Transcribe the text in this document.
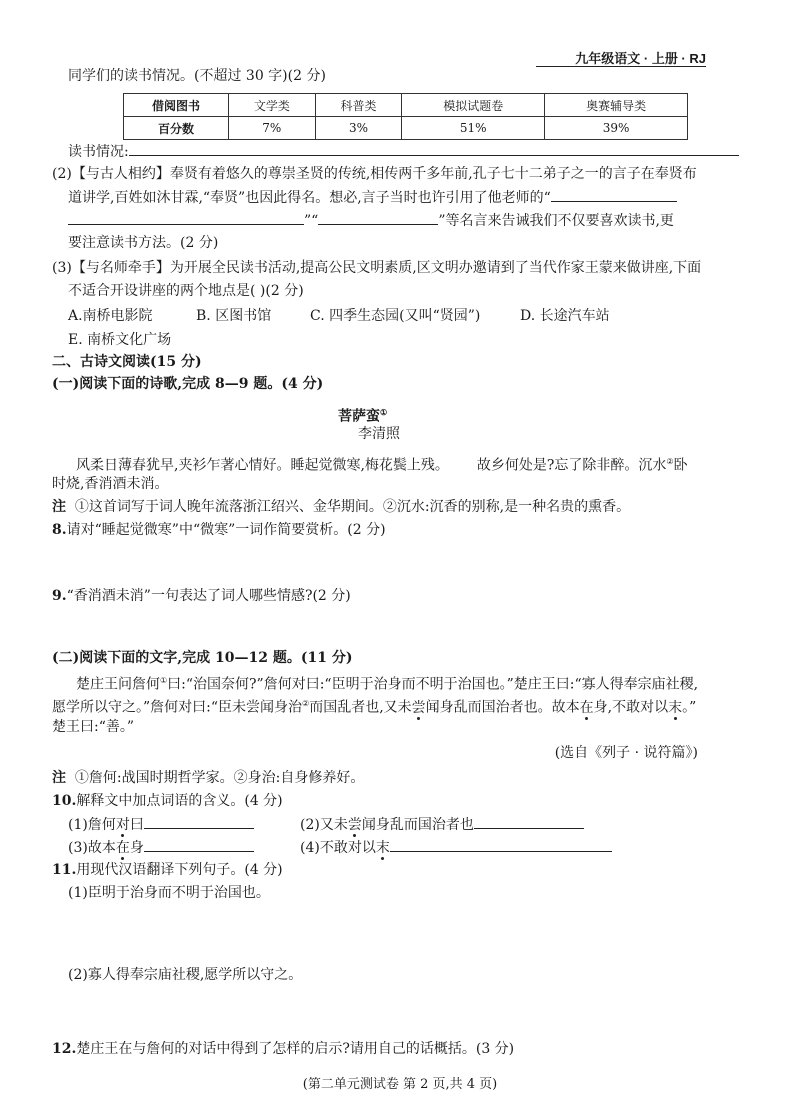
九年级语文 · 上册 · RJ
同学们的读书情况。(不超过 30 字)(2 分)
借阅图书	文学类	科普类	模拟试题卷	奥赛辅导类
百分数	7%	3%	51%	39%
读书情况:
(2)【与古人相约】奉贤有着悠久的尊崇圣贤的传统,相传两千多年前,孔子七十二弟子之一的言子在奉贤布
道讲学,百姓如沐甘霖,“奉贤”也因此得名。想必,言子当时也许引用了他老师的“
”“	”等名言来告诫我们不仅要喜欢读书,更
要注意读书方法。(2 分)
(3)【与名师牵手】为开展全民读书活动,提高公民文明素质,区文明办邀请到了当代作家王蒙来做讲座,下面
不适合开设讲座的两个地点是( )(2 分)
A.南桥电影院	B. 区图书馆	C. 四季生态园(又叫“贤园”)	D. 长途汽车站
E. 南桥文化广场
二、古诗文阅读(15 分)
(一)阅读下面的诗歌,完成 8—9 题。(4 分)
菩萨蛮①
李清照
风柔日薄春犹早,夹衫乍著心情好。睡起觉微寒,梅花鬓上残。 故乡何处是?忘了除非醉。沉水②卧
时烧,香消酒未消。
注 ①这首词写于词人晚年流落浙江绍兴、金华期间。②沉水:沉香的别称,是一种名贵的熏香。
8.请对“睡起觉微寒”中“微寒”一词作简要赏析。(2 分)
9.“香消酒未消”一句表达了词人哪些情感?(2 分)
(二)阅读下面的文字,完成 10—12 题。(11 分)
楚庄王问詹何①曰:“治国奈何?”詹何对曰:“臣明于治身而不明于治国也。”楚庄王曰:“寡人得奉宗庙社稷,
愿学所以守之。”詹何对曰:“臣未尝闻身治②而国乱者也,又未尝闻身乱而国治者也。故本在身,不敢对以末。”
楚王曰:“善。”
(选自《列子 · 说符篇》)
注 ①詹何:战国时期哲学家。②身治:自身修养好。
10.解释文中加点词语的含义。(4 分)
(1)詹何对曰	(2)又未尝闻身乱而国治者也
(3)故本在身	(4)不敢对以末
11.用现代汉语翻译下列句子。(4 分)
(1)臣明于治身而不明于治国也。
(2)寡人得奉宗庙社稷,愿学所以守之。
12.楚庄王在与詹何的对话中得到了怎样的启示?请用自己的话概括。(3 分)
(第二单元测试卷 第 2 页,共 4 页)
